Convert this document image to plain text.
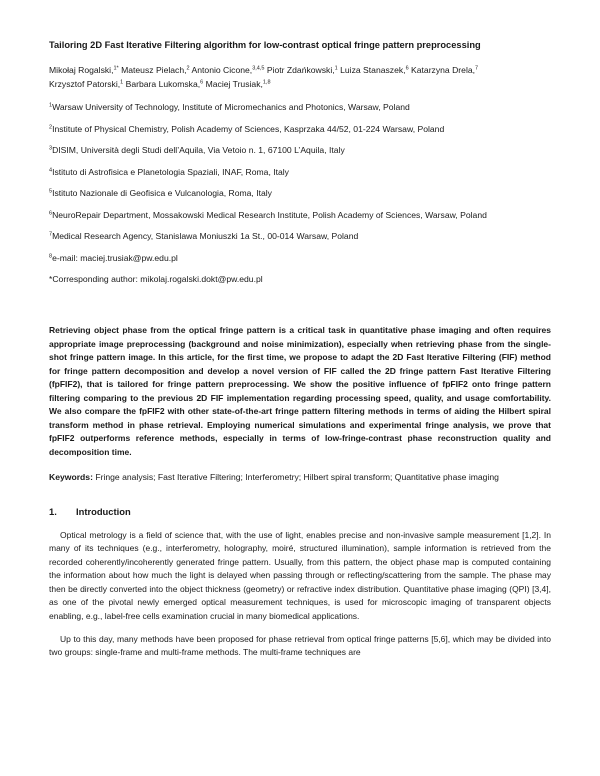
Tailoring 2D Fast Iterative Filtering algorithm for low-contrast optical fringe pattern preprocessing
Mikołaj Rogalski,$^{1*}$ Mateusz Pielach,$^2$ Antonio Cicone,$^{3,4,5}$ Piotr Zdańkowski,$^1$ Luiza Stanaszek,$^6$ Katarzyna Drela,$^7$
Krzysztof Patorski,$^1$ Barbara Lukomska,$^6$ Maciej Trusiak,$^{1,8}$
$^1$Warsaw University of Technology, Institute of Micromechanics and Photonics, Warsaw, Poland
$^2$Institute of Physical Chemistry, Polish Academy of Sciences, Kasprzaka 44/52, 01-224 Warsaw, Poland
$^3$DISIM, Università degli Studi dell’Aquila, Via Vetoio n. 1, 67100 L’Aquila, Italy
$^4$Istituto di Astrofisica e Planetologia Spaziali, INAF, Roma, Italy
$^5$Istituto Nazionale di Geofisica e Vulcanologia, Roma, Italy
$^6$NeuroRepair Department, Mossakowski Medical Research Institute, Polish Academy of Sciences, Warsaw, Poland
$^7$Medical Research Agency, Stanislawa Moniuszki 1a St., 00-014 Warsaw, Poland
$^8$e-mail: maciej.trusiak@pw.edu.pl
*Corresponding author: mikolaj.rogalski.dokt@pw.edu.pl
Retrieving object phase from the optical fringe pattern is a critical task in quantitative phase imaging and often requires appropriate image preprocessing (background and noise minimization), especially when retrieving phase from the single-shot fringe pattern image. In this article, for the first time, we propose to adapt the 2D Fast Iterative Filtering (FIF) method for fringe pattern decomposition and develop a novel version of FIF called the 2D fringe pattern Fast Iterative Filtering (fpFIF2), that is tailored for fringe pattern preprocessing. We show the positive influence of fpFIF2 onto fringe pattern filtering comparing to the previous 2D FIF implementation regarding processing speed, quality, and usage comfortability. We also compare the fpFIF2 with other state-of-the-art fringe pattern filtering methods in terms of aiding the Hilbert spiral transform method in phase retrieval. Employing numerical simulations and experimental fringe analysis, we prove that fpFIF2 outperforms reference methods, especially in terms of low-fringe-contrast phase reconstruction quality and decomposition time.
Keywords: Fringe analysis; Fast Iterative Filtering; Interferometry; Hilbert spiral transform; Quantitative phase imaging
1.	Introduction
Optical metrology is a field of science that, with the use of light, enables precise and non-invasive sample measurement [1,2]. In many of its techniques (e.g., interferometry, holography, moiré, structured illumination), sample information is retrieved from the recorded coherently/incoherently generated fringe pattern. Usually, from this pattern, the object phase map is computed containing the information about how much the light is delayed when passing through or reflecting/scattering from the sample. The phase may then be directly converted into the object thickness (geometry) or refractive index distribution. Quantitative phase imaging (QPI) [3,4], as one of the pivotal newly emerged optical measurement techniques, is used for microscopic imaging of transparent objects enabling, e.g., label-free cells examination crucial in many biomedical applications.
Up to this day, many methods have been proposed for phase retrieval from optical fringe patterns [5,6], which may be divided into two groups: single-frame and multi-frame methods. The multi-frame techniques are
